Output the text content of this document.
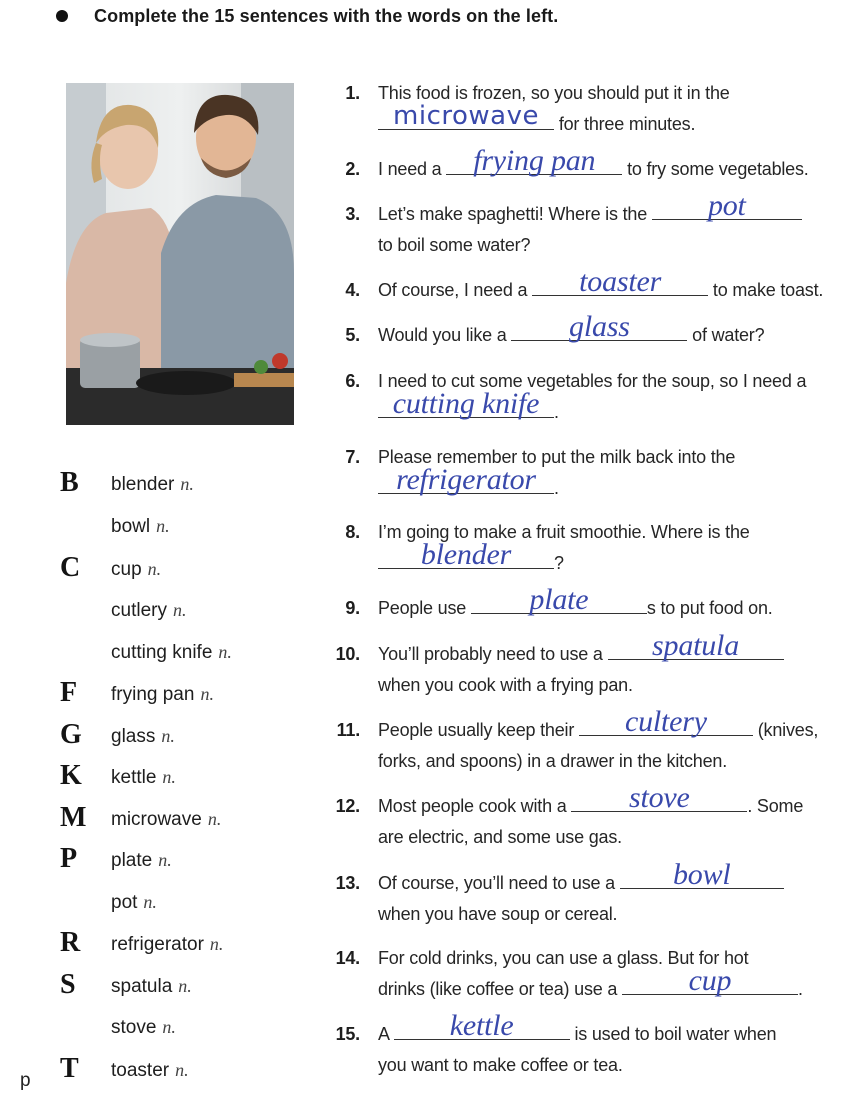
Complete the 15 sentences with the words on the left.
B	blender n.
bowl n.
C	cup n.
cutlery n.
cutting knife n.
F	frying pan n.
G	glass n.
K	kettle n.
M microwave n.
P	plate n.
pot n.
R	refrigerator n.
S	spatula n.
stove n.
T	toaster n.
1. This food is frozen, so you should put it in the
microwave	for three minutes.
2. I need a	frying pan	to fry some vegetables.
3. Let’s make spaghetti! Where is the	pot
to boil some water?
4. Of course, I need a	toaster	to make toast.
5. Would you like a	glass	of water?
6. I need to cut some vegetables for the soup, so I need a
cutting knife .
7. Please remember to put the milk back into the
refrigerator	.
8. I’m going to make a fruit smoothie. Where is the
blender	?
9. People use	plate	s to put food on.
10. You’ll probably need to use a	spatula
when you cook with a frying pan.
11. People usually keep their	cultery	(knives,
forks, and spoons) in a drawer in the kitchen.
12. Most people cook with a	stove	. Some
are electric, and some use gas.
13. Of course, you’ll need to use a	bowl
when you have soup or cereal.
14. For cold drinks, you can use a glass. But for hot
drinks (like coffee or tea) use a	cup	.
15. A	kettle	is used to boil water when
you want to make coffee or tea.
p
